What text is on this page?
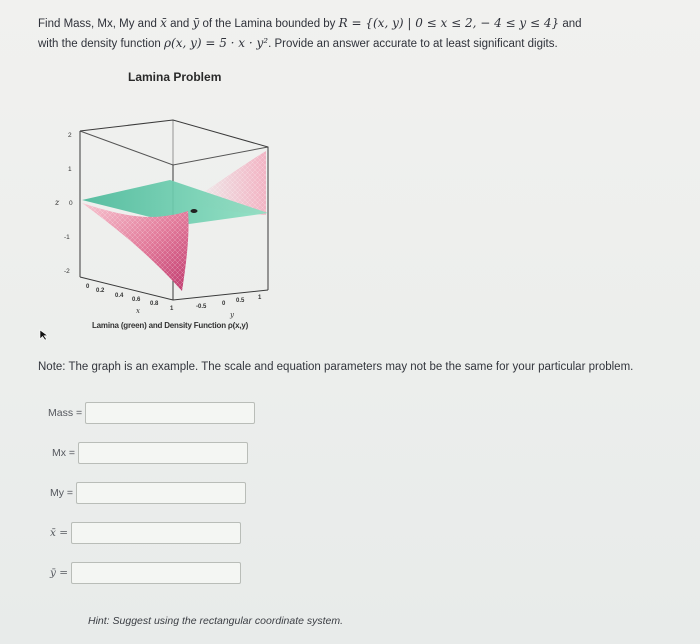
Find Mass, Mx, My and x̄ and ȳ of the Lamina bounded by R = {(x, y) | 0 ≤ x ≤ 2, − 4 ≤ y ≤ 4} and
with the density function ρ(x, y) = 5 · x · y². Provide an answer accurate to at least significant digits.
Lamina Problem
2
1
0
-1
-2
z
0
0.2
0.4
0.6
0.8
1
x	-0.5	0 0.5 1
y
Lamina (green) and Density Function ρ(x,y)
Note: The graph is an example. The scale and equation parameters may not be the same for your particular problem.
Mass =
Mx =
My =
x̄ =
ȳ =
Hint: Suggest using the rectangular coordinate system.
